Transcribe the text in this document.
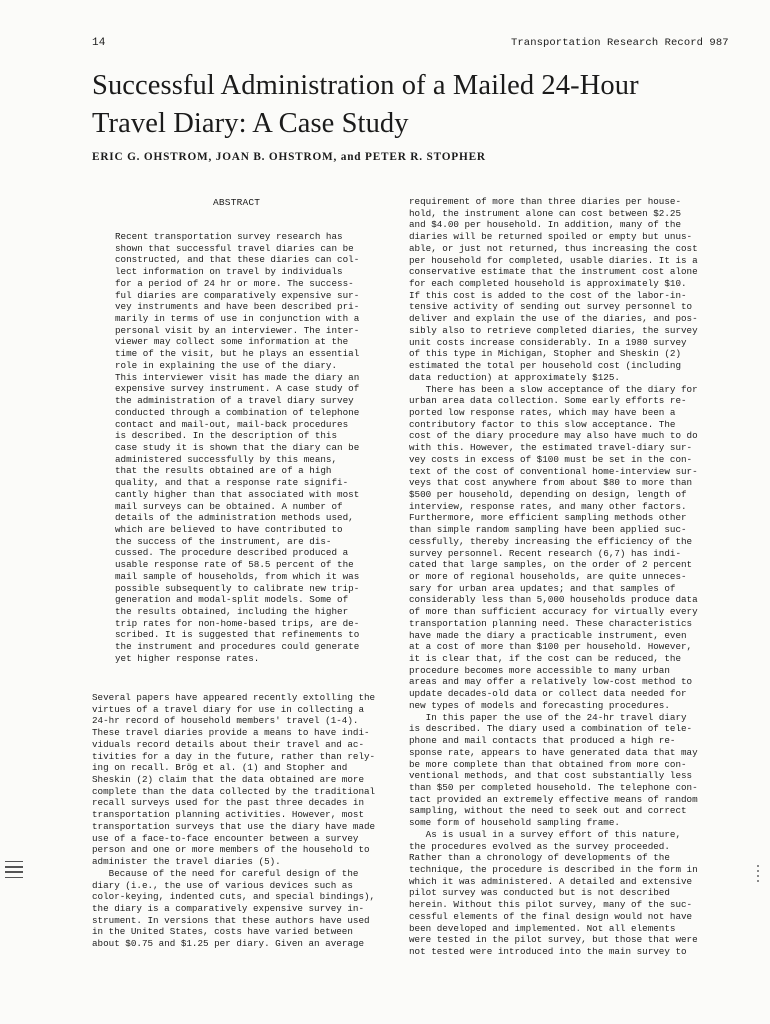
14	Transportation Research Record 987
Successful Administration of a Mailed 24-Hour Travel Diary: A Case Study
ERIC G. OHSTROM, JOAN B. OHSTROM, and PETER R. STOPHER
ABSTRACT
Recent transportation survey research has
shown that successful travel diaries can be
constructed, and that these diaries can col-
lect information on travel by individuals
for a period of 24 hr or more. The success-
ful diaries are comparatively expensive sur-
vey instruments and have been described pri-
marily in terms of use in conjunction with a
personal visit by an interviewer. The inter-
viewer may collect some information at the
time of the visit, but he plays an essential
role in explaining the use of the diary.
This interviewer visit has made the diary an
expensive survey instrument. A case study of
the administration of a travel diary survey
conducted through a combination of telephone
contact and mail-out, mail-back procedures
is described. In the description of this
case study it is shown that the diary can be
administered successfully by this means,
that the results obtained are of a high
quality, and that a response rate signifi-
cantly higher than that associated with most
mail surveys can be obtained. A number of
details of the administration methods used,
which are believed to have contributed to
the success of the instrument, are dis-
cussed. The procedure described produced a
usable response rate of 58.5 percent of the
mail sample of households, from which it was
possible subsequently to calibrate new trip-
generation and modal-split models. Some of
the results obtained, including the higher
trip rates for non-home-based trips, are de-
scribed. It is suggested that refinements to
the instrument and procedures could generate
yet higher response rates.
Several papers have appeared recently extolling the
virtues of a travel diary for use in collecting a
24-hr record of household members' travel (1-4).
These travel diaries provide a means to have indi-
viduals record details about their travel and ac-
tivities for a day in the future, rather than rely-
ing on recall. Brög et al. (1) and Stopher and
Sheskin (2) claim that the data obtained are more
complete than the data collected by the traditional
recall surveys used for the past three decades in
transportation planning activities. However, most
transportation surveys that use the diary have made
use of a face-to-face encounter between a survey
person and one or more members of the household to
administer the travel diaries (5).
Because of the need for careful design of the
diary (i.e., the use of various devices such as
color-keying, indented cuts, and special bindings),
the diary is a comparatively expensive survey in-
strument. In versions that these authors have used
in the United States, costs have varied between
about $0.75 and $1.25 per diary. Given an average
requirement of more than three diaries per house-
hold, the instrument alone can cost between $2.25
and $4.00 per household. In addition, many of the
diaries will be returned spoiled or empty but unus-
able, or just not returned, thus increasing the cost
per household for completed, usable diaries. It is a
conservative estimate that the instrument cost alone
for each completed household is approximately $10.
If this cost is added to the cost of the labor-in-
tensive activity of sending out survey personnel to
deliver and explain the use of the diaries, and pos-
sibly also to retrieve completed diaries, the survey
unit costs increase considerably. In a 1980 survey
of this type in Michigan, Stopher and Sheskin (2)
estimated the total per household cost (including
data reduction) at approximately $125.
There has been a slow acceptance of the diary for
urban area data collection. Some early efforts re-
ported low response rates, which may have been a
contributory factor to this slow acceptance. The
cost of the diary procedure may also have much to do
with this. However, the estimated travel-diary sur-
vey costs in excess of $100 must be set in the con-
text of the cost of conventional home-interview sur-
veys that cost anywhere from about $80 to more than
$500 per household, depending on design, length of
interview, response rates, and many other factors.
Furthermore, more efficient sampling methods other
than simple random sampling have been applied suc-
cessfully, thereby increasing the efficiency of the
survey personnel. Recent research (6,7) has indi-
cated that large samples, on the order of 2 percent
or more of regional households, are quite unneces-
sary for urban area updates; and that samples of
considerably less than 5,000 households produce data
of more than sufficient accuracy for virtually every
transportation planning need. These characteristics
have made the diary a practicable instrument, even
at a cost of more than $100 per household. However,
it is clear that, if the cost can be reduced, the
procedure becomes more accessible to many urban
areas and may offer a relatively low-cost method to
update decades-old data or collect data needed for
new types of models and forecasting procedures.
In this paper the use of the 24-hr travel diary
is described. The diary used a combination of tele-
phone and mail contacts that produced a high re-
sponse rate, appears to have generated data that may
be more complete than that obtained from more con-
ventional methods, and that cost substantially less
than $50 per completed household. The telephone con-
tact provided an extremely effective means of random
sampling, without the need to seek out and correct
some form of household sampling frame.
As is usual in a survey effort of this nature,
the procedures evolved as the survey proceeded.
Rather than a chronology of developments of the
technique, the procedure is described in the form in
which it was administered. A detailed and extensive
pilot survey was conducted but is not described
herein. Without this pilot survey, many of the suc-
cessful elements of the final design would not have
been developed and implemented. Not all elements
were tested in the pilot survey, but those that were
not tested were introduced into the main survey to
